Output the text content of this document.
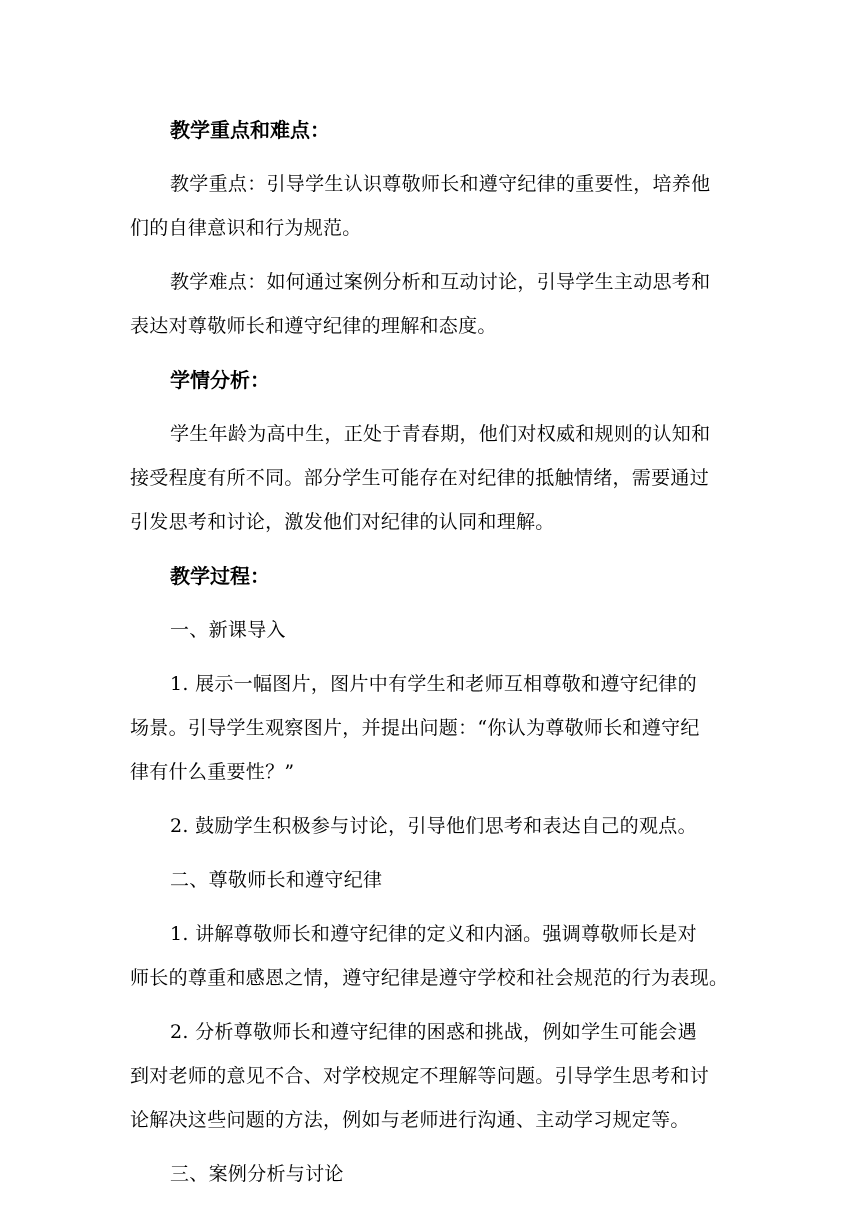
教学重点和难点：

教学重点：引导学生认识尊敬师长和遵守纪律的重要性，培养他
们的自律意识和行为规范。

教学难点：如何通过案例分析和互动讨论，引导学生主动思考和
表达对尊敬师长和遵守纪律的理解和态度。

学情分析：

学生年龄为高中生，正处于青春期，他们对权威和规则的认知和
接受程度有所不同。部分学生可能存在对纪律的抵触情绪，需要通过
引发思考和讨论，激发他们对纪律的认同和理解。

教学过程：

一、新课导入

1. 展示一幅图片，图片中有学生和老师互相尊敬和遵守纪律的
场景。引导学生观察图片，并提出问题：“你认为尊敬师长和遵守纪
律有什么重要性？”

2. 鼓励学生积极参与讨论，引导他们思考和表达自己的观点。

二、尊敬师长和遵守纪律

1. 讲解尊敬师长和遵守纪律的定义和内涵。强调尊敬师长是对
师长的尊重和感恩之情，遵守纪律是遵守学校和社会规范的行为表现。

2. 分析尊敬师长和遵守纪律的困惑和挑战，例如学生可能会遇
到对老师的意见不合、对学校规定不理解等问题。引导学生思考和讨
论解决这些问题的方法，例如与老师进行沟通、主动学习规定等。

三、案例分析与讨论
